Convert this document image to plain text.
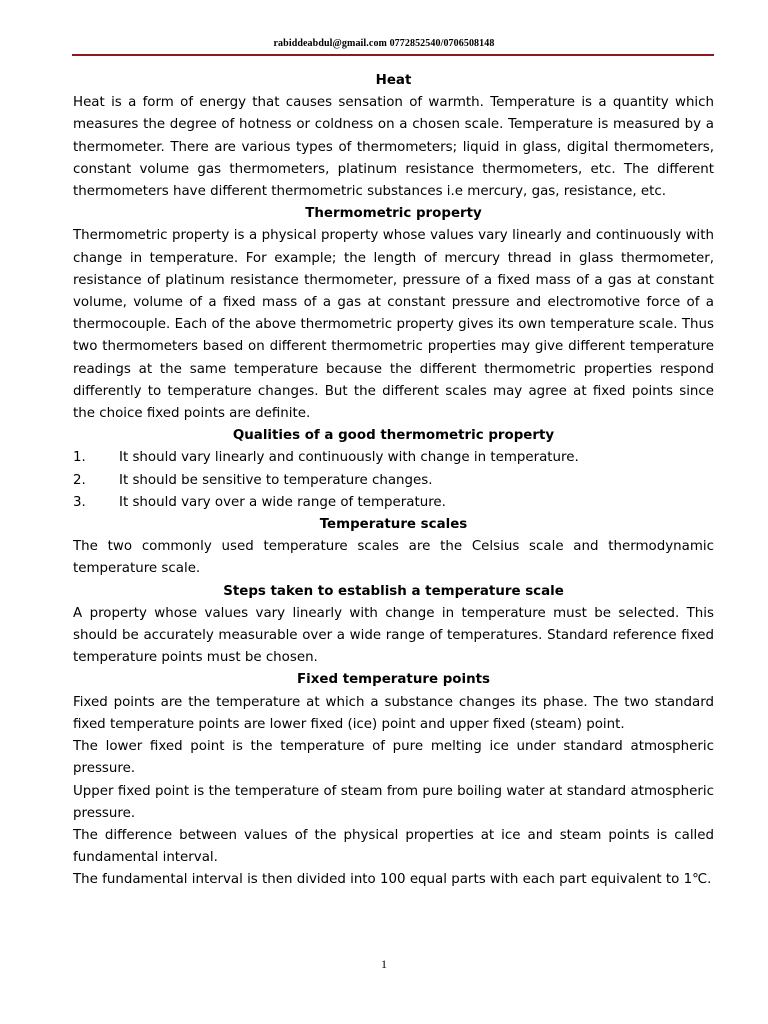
rabiddeabdul@gmail.com 0772852540/0706508148
Heat

Heat is a form of energy that causes sensation of warmth. Temperature is a quantity which measures the degree of hotness or coldness on a chosen scale. Temperature is measured by a thermometer. There are various types of thermometers; liquid in glass, digital thermometers, constant volume gas thermometers, platinum resistance thermometers, etc. The different thermometers have different thermometric substances i.e mercury, gas, resistance, etc.

Thermometric property

Thermometric property is a physical property whose values vary linearly and continuously with change in temperature. For example; the length of mercury thread in glass thermometer, resistance of platinum resistance thermometer, pressure of a fixed mass of a gas at constant volume, volume of a fixed mass of a gas at constant pressure and electromotive force of a thermocouple. Each of the above thermometric property gives its own temperature scale. Thus two thermometers based on different thermometric properties may give different temperature readings at the same temperature because the different thermometric properties respond differently to temperature changes. But the different scales may agree at fixed points since the choice fixed points are definite.

Qualities of a good thermometric property
1.	It should vary linearly and continuously with change in temperature.
2.	It should be sensitive to temperature changes.
3.	It should vary over a wide range of temperature.
Temperature scales

The two commonly used temperature scales are the Celsius scale and thermodynamic temperature scale.

Steps taken to establish a temperature scale

A property whose values vary linearly with change in temperature must be selected. This should be accurately measurable over a wide range of temperatures. Standard reference fixed temperature points must be chosen.

Fixed temperature points

Fixed points are the temperature at which a substance changes its phase. The two standard fixed temperature points are lower fixed (ice) point and upper fixed (steam) point.

The lower fixed point is the temperature of pure melting ice under standard atmospheric pressure.

Upper fixed point is the temperature of steam from pure boiling water at standard atmospheric pressure.

The difference between values of the physical properties at ice and steam points is called fundamental interval.

The fundamental interval is then divided into 100 equal parts with each part equivalent to 1℃.

1
